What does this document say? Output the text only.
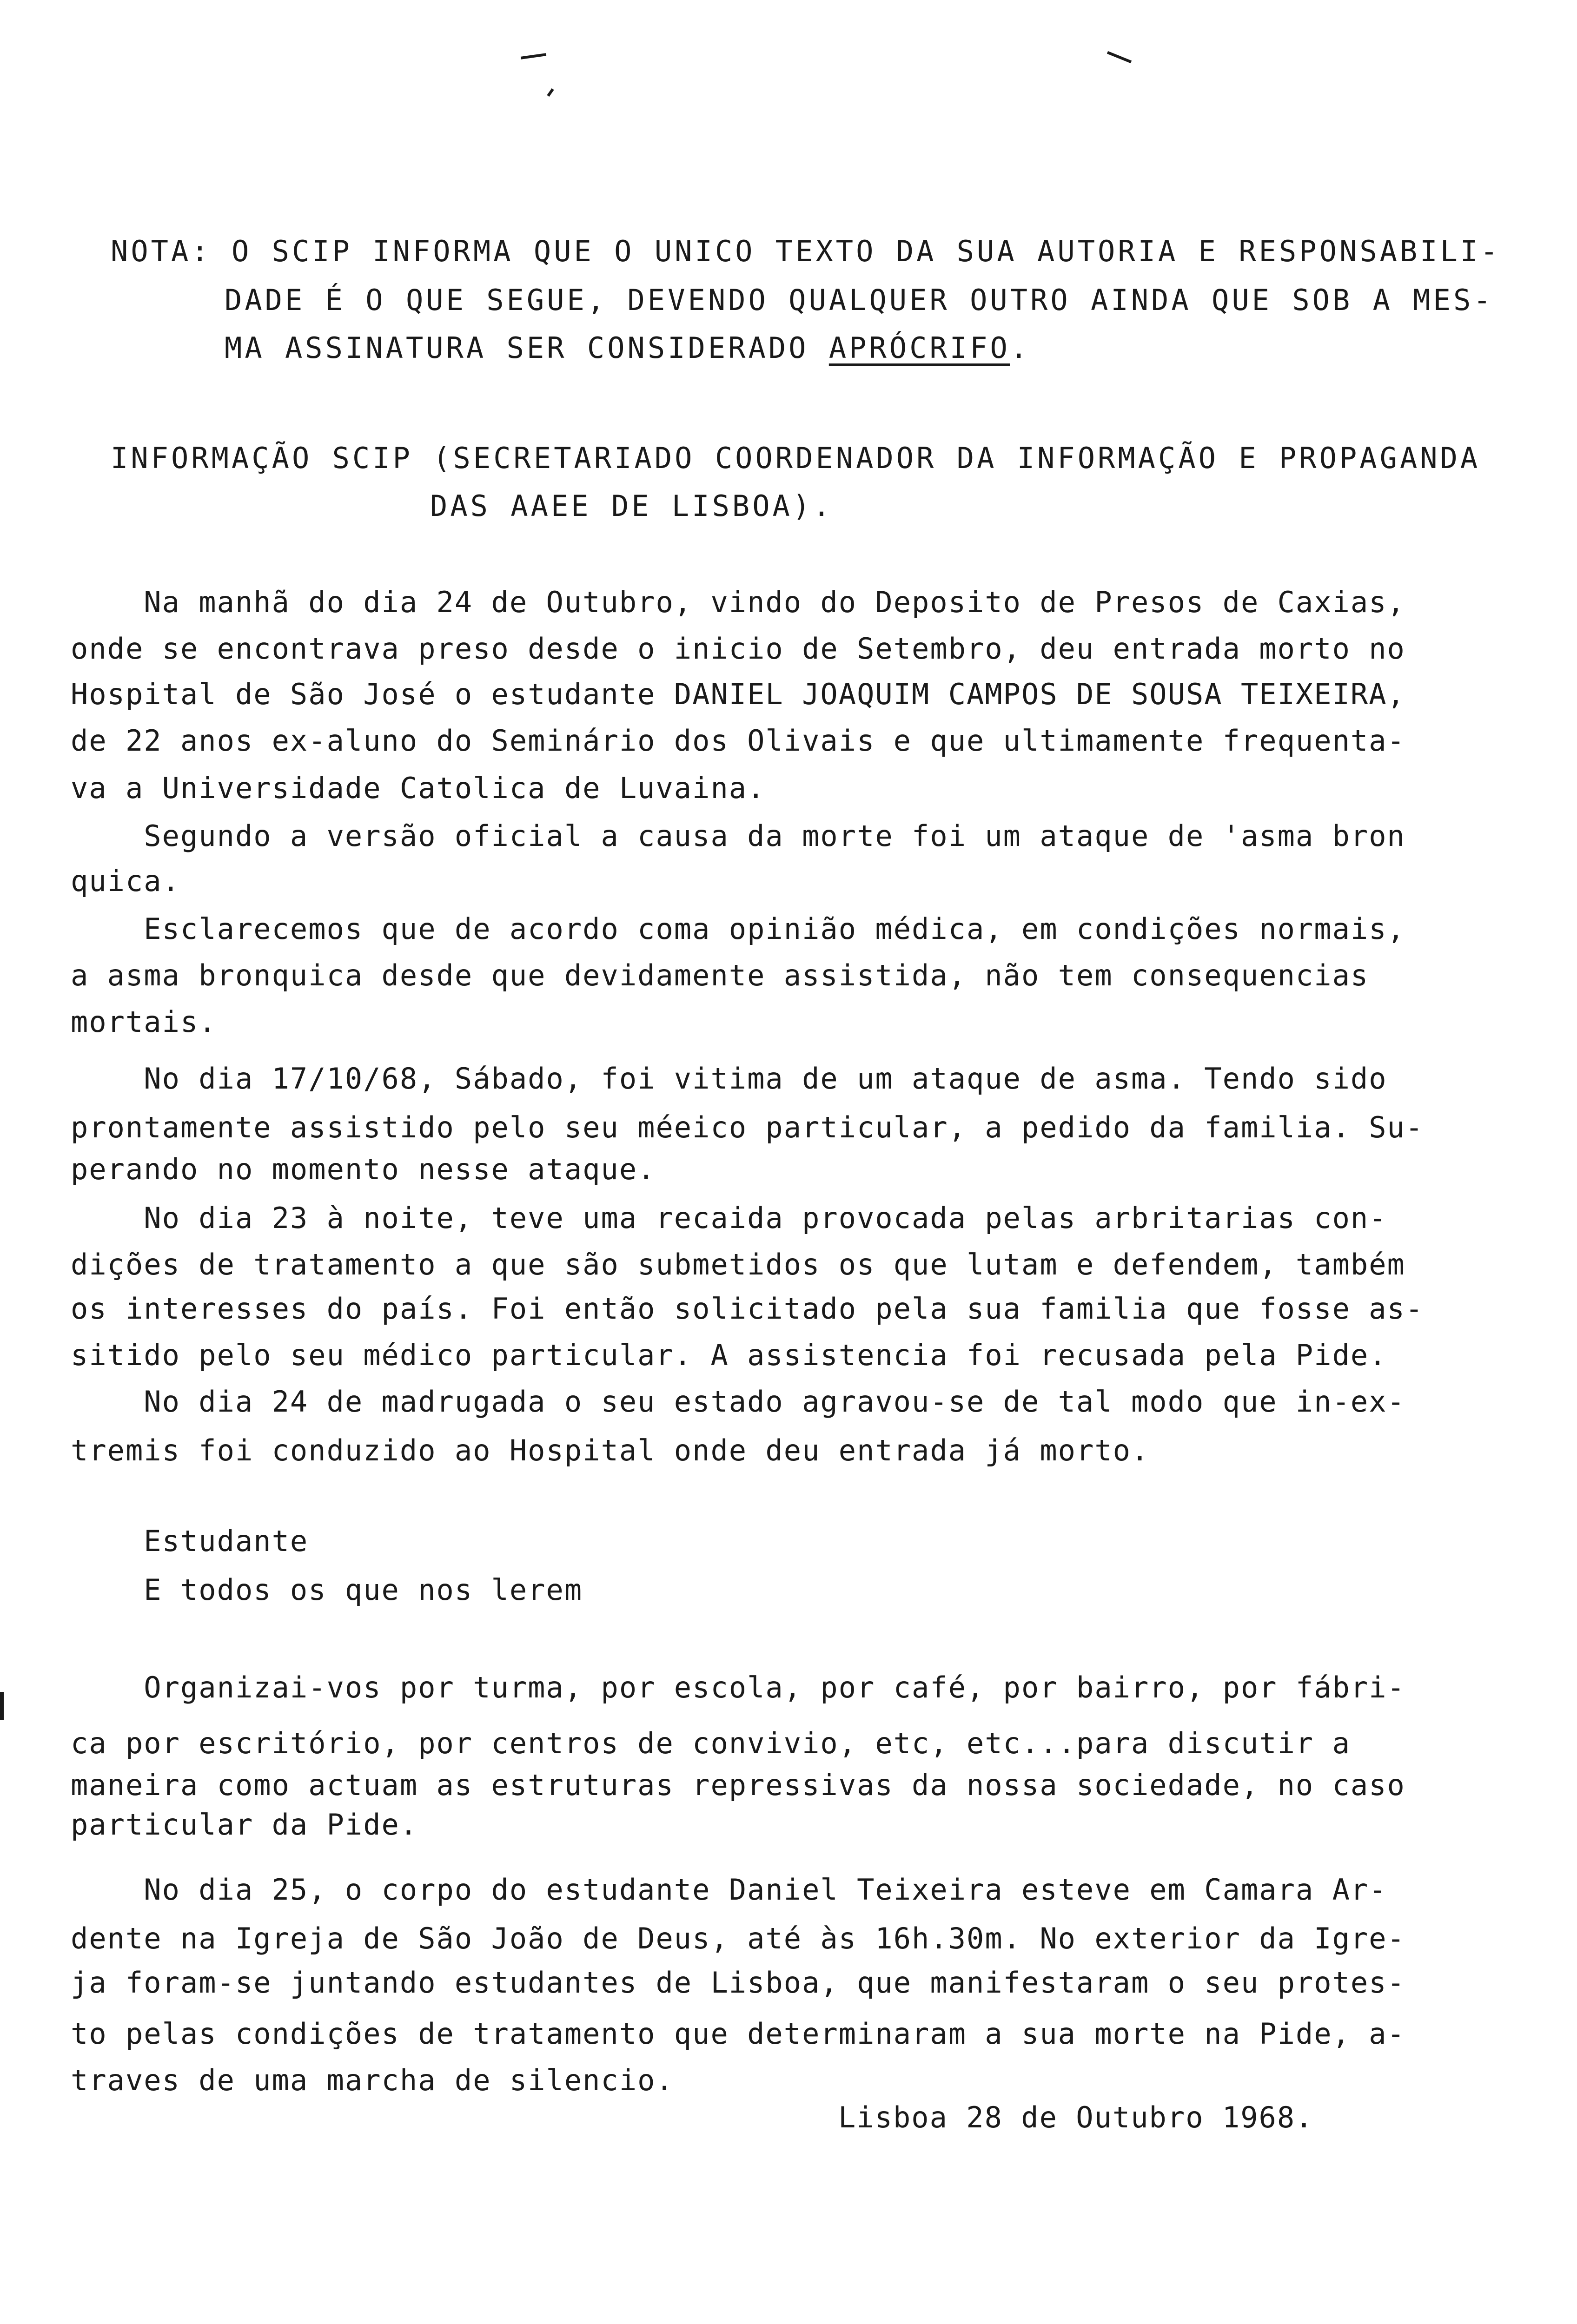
NOTA: O SCIP INFORMA QUE O UNICO TEXTO DA SUA AUTORIA E RESPONSABILI-
DADE É O QUE SEGUE, DEVENDO QUALQUER OUTRO AINDA QUE SOB A MES-
MA ASSINATURA SER CONSIDERADO APRÓCRIFO.
INFORMAÇÃO SCIP (SECRETARIADO COORDENADOR DA INFORMAÇÃO E PROPAGANDA
DAS AAEE DE LISBOA).
Na manhã do dia 24 de Outubro, vindo do Deposito de Presos de Caxias,
onde se encontrava preso desde o inicio de Setembro, deu entrada morto no
Hospital de São José o estudante DANIEL JOAQUIM CAMPOS DE SOUSA TEIXEIRA,
de 22 anos ex-aluno do Seminário dos Olivais e que ultimamente frequenta-
va a Universidade Catolica de Luvaina.
Segundo a versão oficial a causa da morte foi um ataque de 'asma bron
quica.
Esclarecemos que de acordo coma opinião médica, em condições normais,
a asma bronquica desde que devidamente assistida, não tem consequencias
mortais.
No dia 17/10/68, Sábado, foi vitima de um ataque de asma. Tendo sido
prontamente assistido pelo seu méeico particular, a pedido da familia. Su-
perando no momento nesse ataque.
No dia 23 à noite, teve uma recaida provocada pelas arbritarias con-
dições de tratamento a que são submetidos os que lutam e defendem, também
os interesses do país. Foi então solicitado pela sua familia que fosse as-
sitido pelo seu médico particular. A assistencia foi recusada pela Pide.
No dia 24 de madrugada o seu estado agravou-se de tal modo que in-ex-
tremis foi conduzido ao Hospital onde deu entrada já morto.
Estudante
E todos os que nos lerem
Organizai-vos por turma, por escola, por café, por bairro, por fábri-
ca por escritório, por centros de convivio, etc, etc...para discutir a
maneira como actuam as estruturas repressivas da nossa sociedade, no caso
particular da Pide.
No dia 25, o corpo do estudante Daniel Teixeira esteve em Camara Ar-
dente na Igreja de São João de Deus, até às 16h.30m. No exterior da Igre-
ja foram-se juntando estudantes de Lisboa, que manifestaram o seu protes-
to pelas condições de tratamento que determinaram a sua morte na Pide, a-
traves de uma marcha de silencio.
Lisboa 28 de Outubro 1968.
